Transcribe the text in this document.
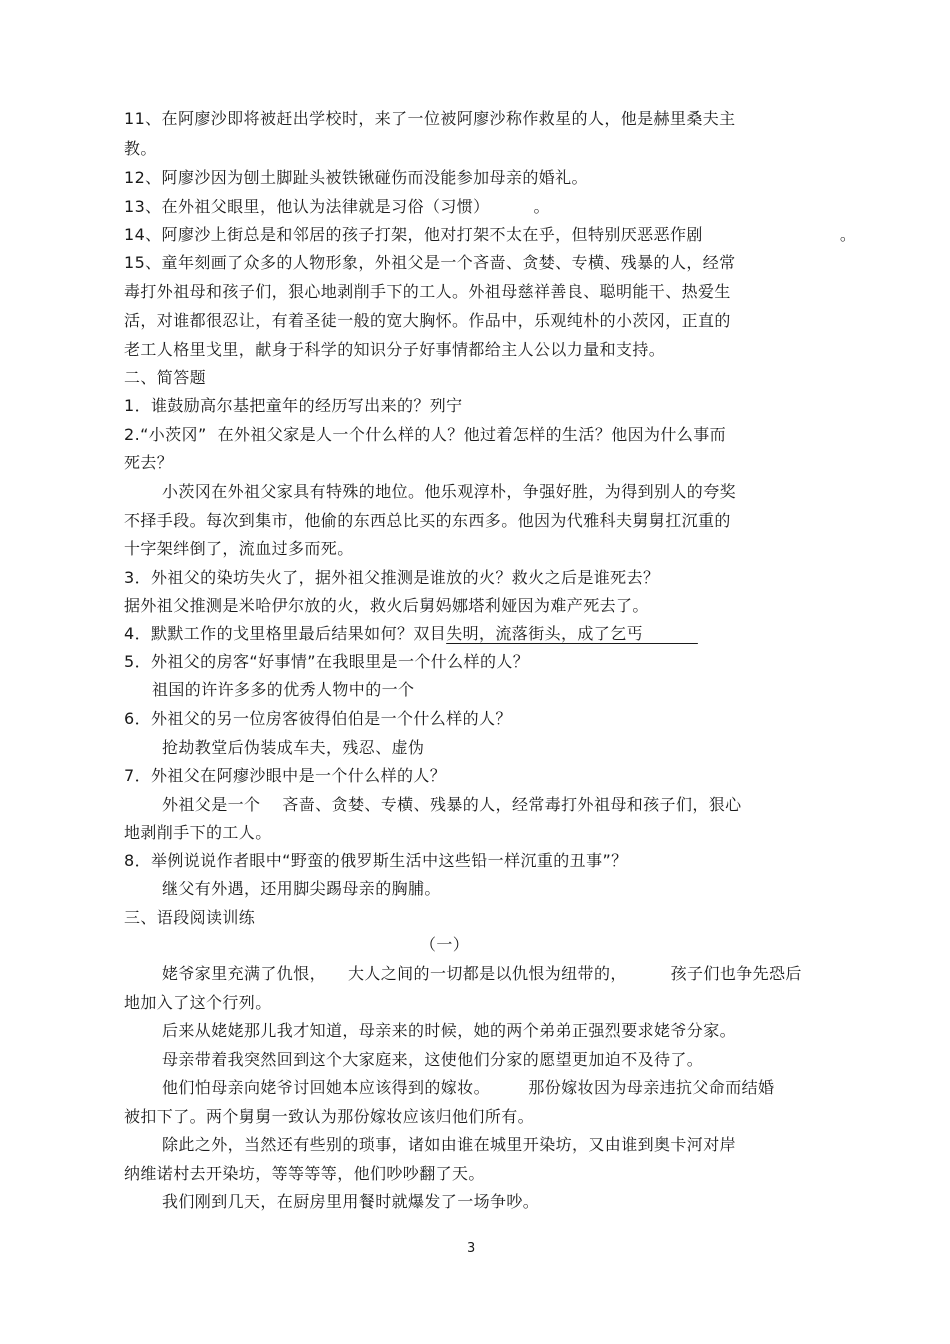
11、在阿廖沙即将被赶出学校时，来了一位被阿廖沙称作救星的人，他是赫里桑夫主
教。
12、阿廖沙因为刨土脚趾头被铁锹碰伤而没能参加母亲的婚礼。
13、在外祖父眼里，他认为法律就是习俗（习惯）        。
14、阿廖沙上街总是和邻居的孩子打架，他对打架不太在乎，但特别厌恶恶作剧                         。
15、童年刻画了众多的人物形象，外祖父是一个吝啬、贪婪、专横、残暴的人，经常
毒打外祖母和孩子们，狠心地剥削手下的工人。外祖母慈祥善良、聪明能干、热爱生
活，对谁都很忍让，有着圣徒一般的宽大胸怀。作品中，乐观纯朴的小茨冈，正直的
老工人格里戈里，献身于科学的知识分子好事情都给主人公以力量和支持。
二、简答题
1．谁鼓励高尔基把童年的经历写出来的？列宁
2.“小茨冈”  在外祖父家是人一个什么样的人？他过着怎样的生活？他因为什么事而
死去？
小茨冈在外祖父家具有特殊的地位。他乐观淳朴，争强好胜，为得到别人的夸奖
不择手段。每次到集市，他偷的东西总比买的东西多。他因为代雅科夫舅舅扛沉重的
十字架绊倒了，流血过多而死。
3．外祖父的染坊失火了，据外祖父推测是谁放的火？救火之后是谁死去？
据外祖父推测是米哈伊尔放的火，救火后舅妈娜塔利娅因为难产死去了。
4．默默工作的戈里格里最后结果如何？双目失明，流落街头，成了乞丐
5．外祖父的房客“好事情”在我眼里是一个什么样的人？
祖国的许许多多的优秀人物中的一个
6．外祖父的另一位房客彼得伯伯是一个什么样的人？
抢劫教堂后伪装成车夫，残忍、虚伪
7．外祖父在阿瘳沙眼中是一个什么样的人？
外祖父是一个    吝啬、贪婪、专横、残暴的人，经常毒打外祖母和孩子们，狠心
地剥削手下的工人。
8．举例说说作者眼中“野蛮的俄罗斯生活中这些铅一样沉重的丑事”？
继父有外遇，还用脚尖踢母亲的胸脯。
三、语段阅读训练
（一）
姥爷家里充满了仇恨，    大人之间的一切都是以仇恨为纽带的，        孩子们也争先恐后
地加入了这个行列。
后来从姥姥那儿我才知道，母亲来的时候，她的两个弟弟正强烈要求姥爷分家。
母亲带着我突然回到这个大家庭来，这使他们分家的愿望更加迫不及待了。
他们怕母亲向姥爷讨回她本应该得到的嫁妆。       那份嫁妆因为母亲违抗父命而结婚
被扣下了。两个舅舅一致认为那份嫁妆应该归他们所有。
除此之外，当然还有些别的琐事，诸如由谁在城里开染坊，又由谁到奥卡河对岸
纳维诺村去开染坊，等等等等，他们吵吵翻了天。
我们刚到几天，在厨房里用餐时就爆发了一场争吵。
3
